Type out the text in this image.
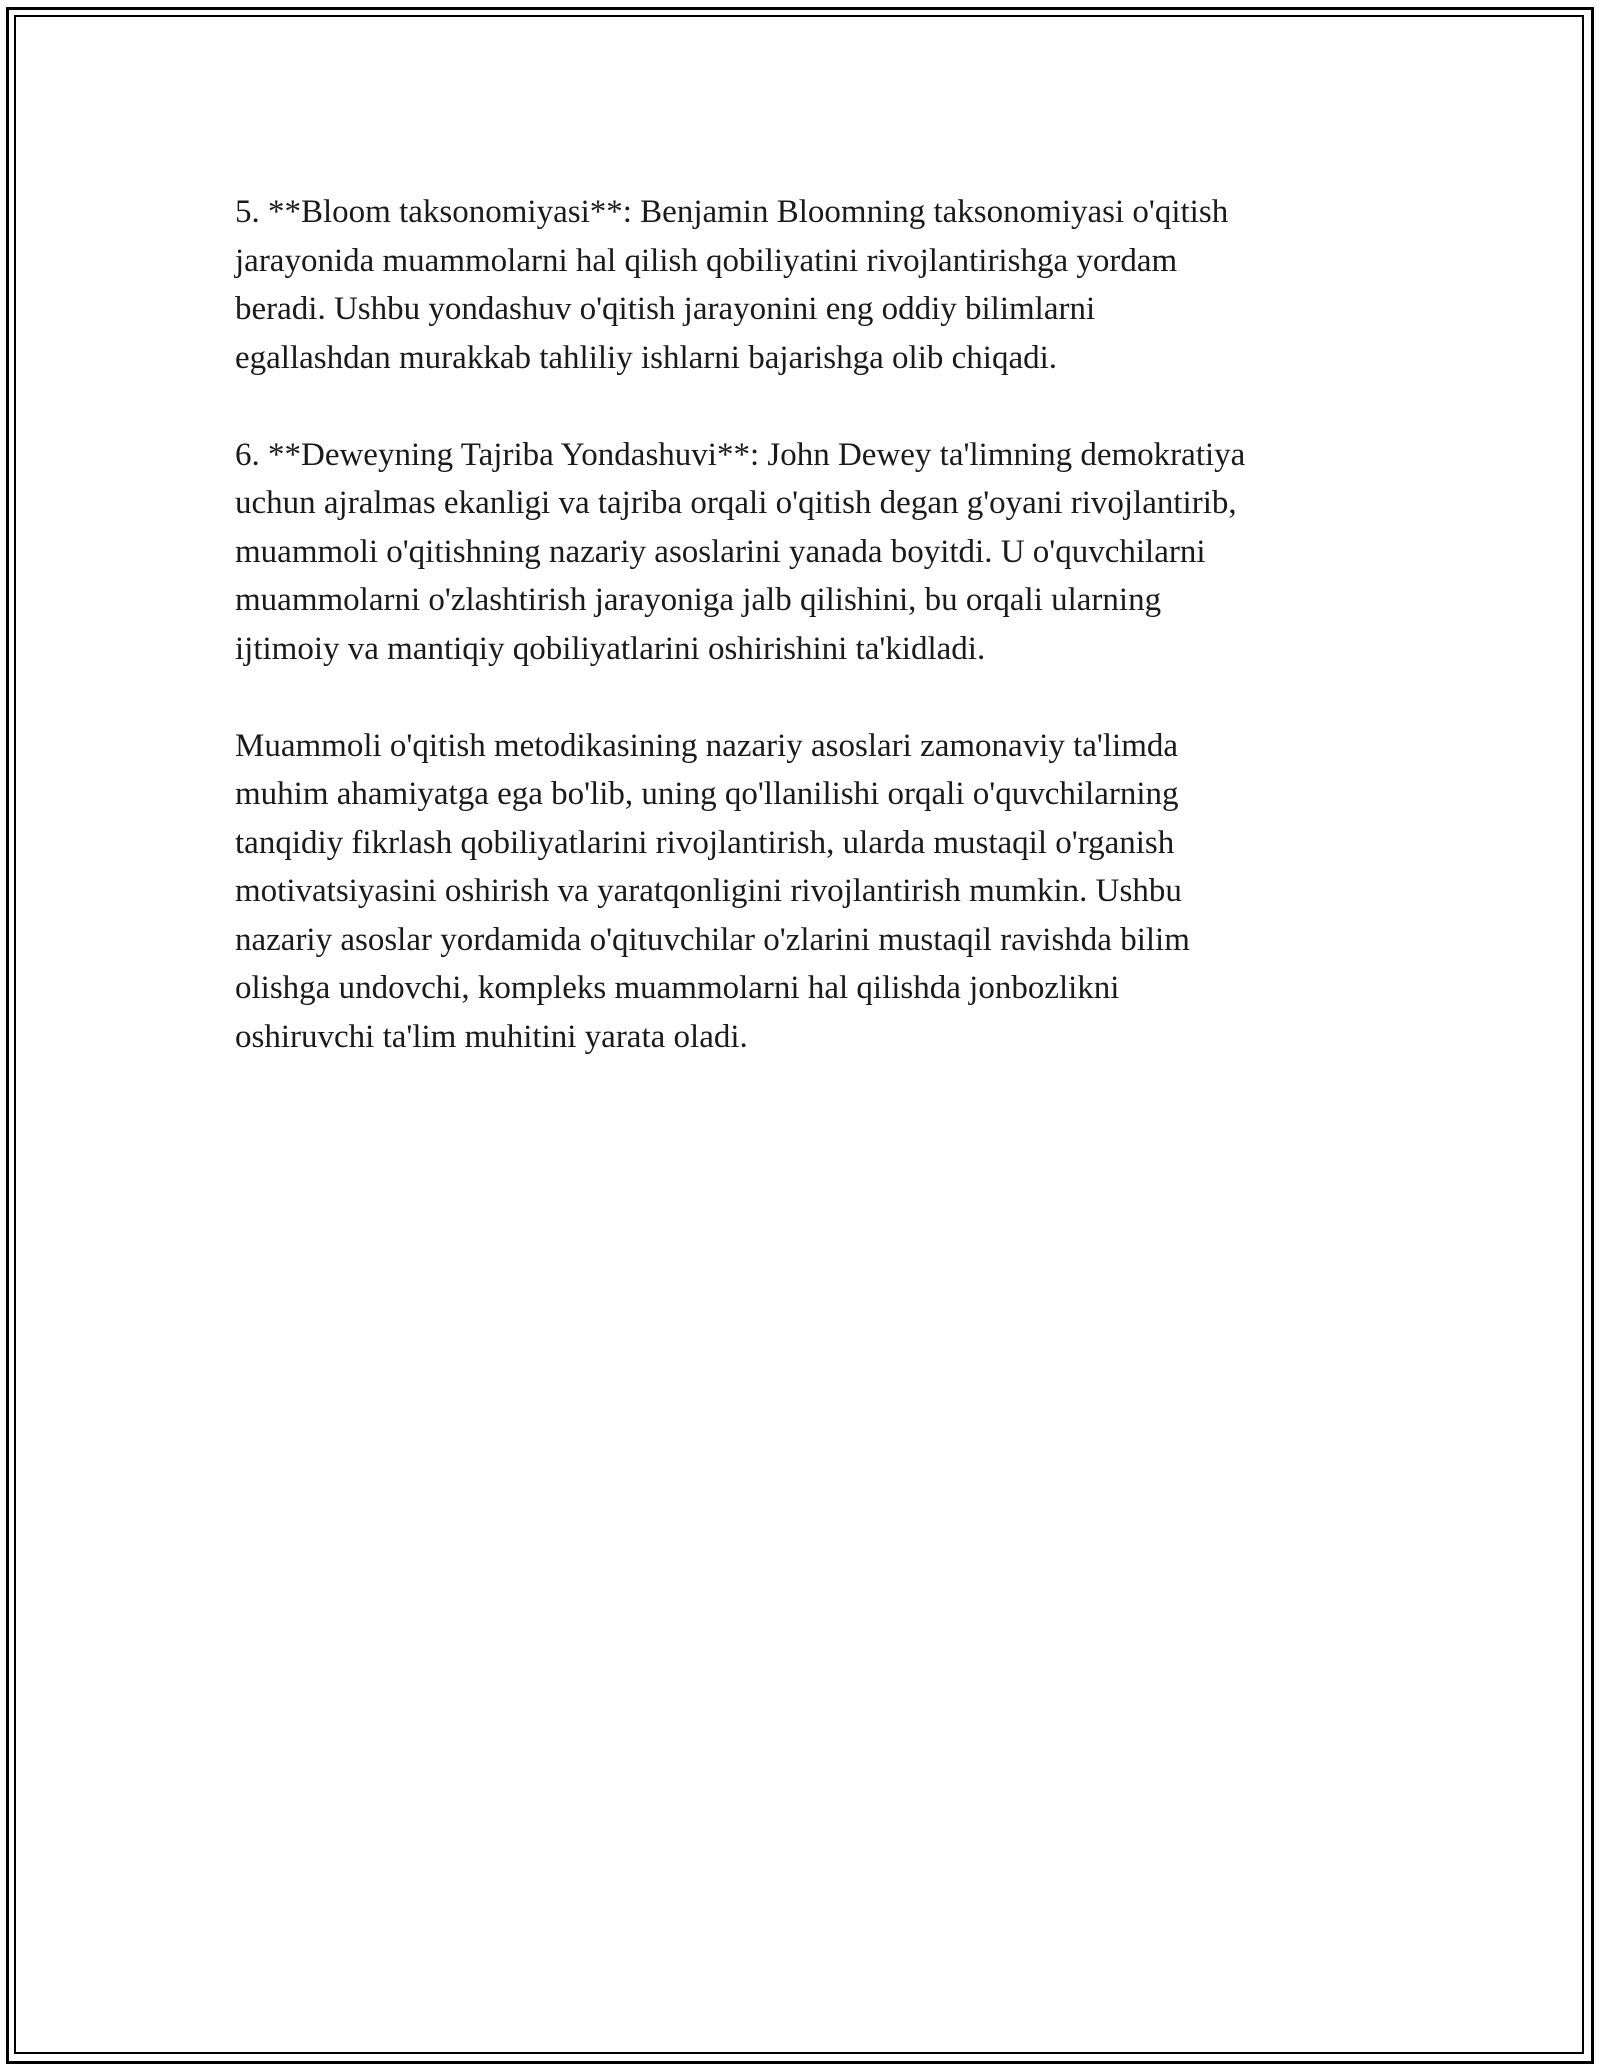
5. **Bloom taksonomiyasi**: Benjamin Bloomning taksonomiyasi o'qitish
jarayonida muammolarni hal qilish qobiliyatini rivojlantirishga yordam
beradi. Ushbu yondashuv o'qitish jarayonini eng oddiy bilimlarni
egallashdan murakkab tahliliy ishlarni bajarishga olib chiqadi.

6. **Deweyning Tajriba Yondashuvi**: John Dewey ta'limning demokratiya
uchun ajralmas ekanligi va tajriba orqali o'qitish degan g'oyani rivojlantirib,
muammoli o'qitishning nazariy asoslarini yanada boyitdi. U o'quvchilarni
muammolarni o'zlashtirish jarayoniga jalb qilishini, bu orqali ularning
ijtimoiy va mantiqiy qobiliyatlarini oshirishini ta'kidladi.

Muammoli o'qitish metodikasining nazariy asoslari zamonaviy ta'limda
muhim ahamiyatga ega bo'lib, uning qo'llanilishi orqali o'quvchilarning
tanqidiy fikrlash qobiliyatlarini rivojlantirish, ularda mustaqil o'rganish
motivatsiyasini oshirish va yaratqonligini rivojlantirish mumkin. Ushbu
nazariy asoslar yordamida o'qituvchilar o'zlarini mustaqil ravishda bilim
olishga undovchi, kompleks muammolarni hal qilishda jonbozlikni
oshiruvchi ta'lim muhitini yarata oladi.
